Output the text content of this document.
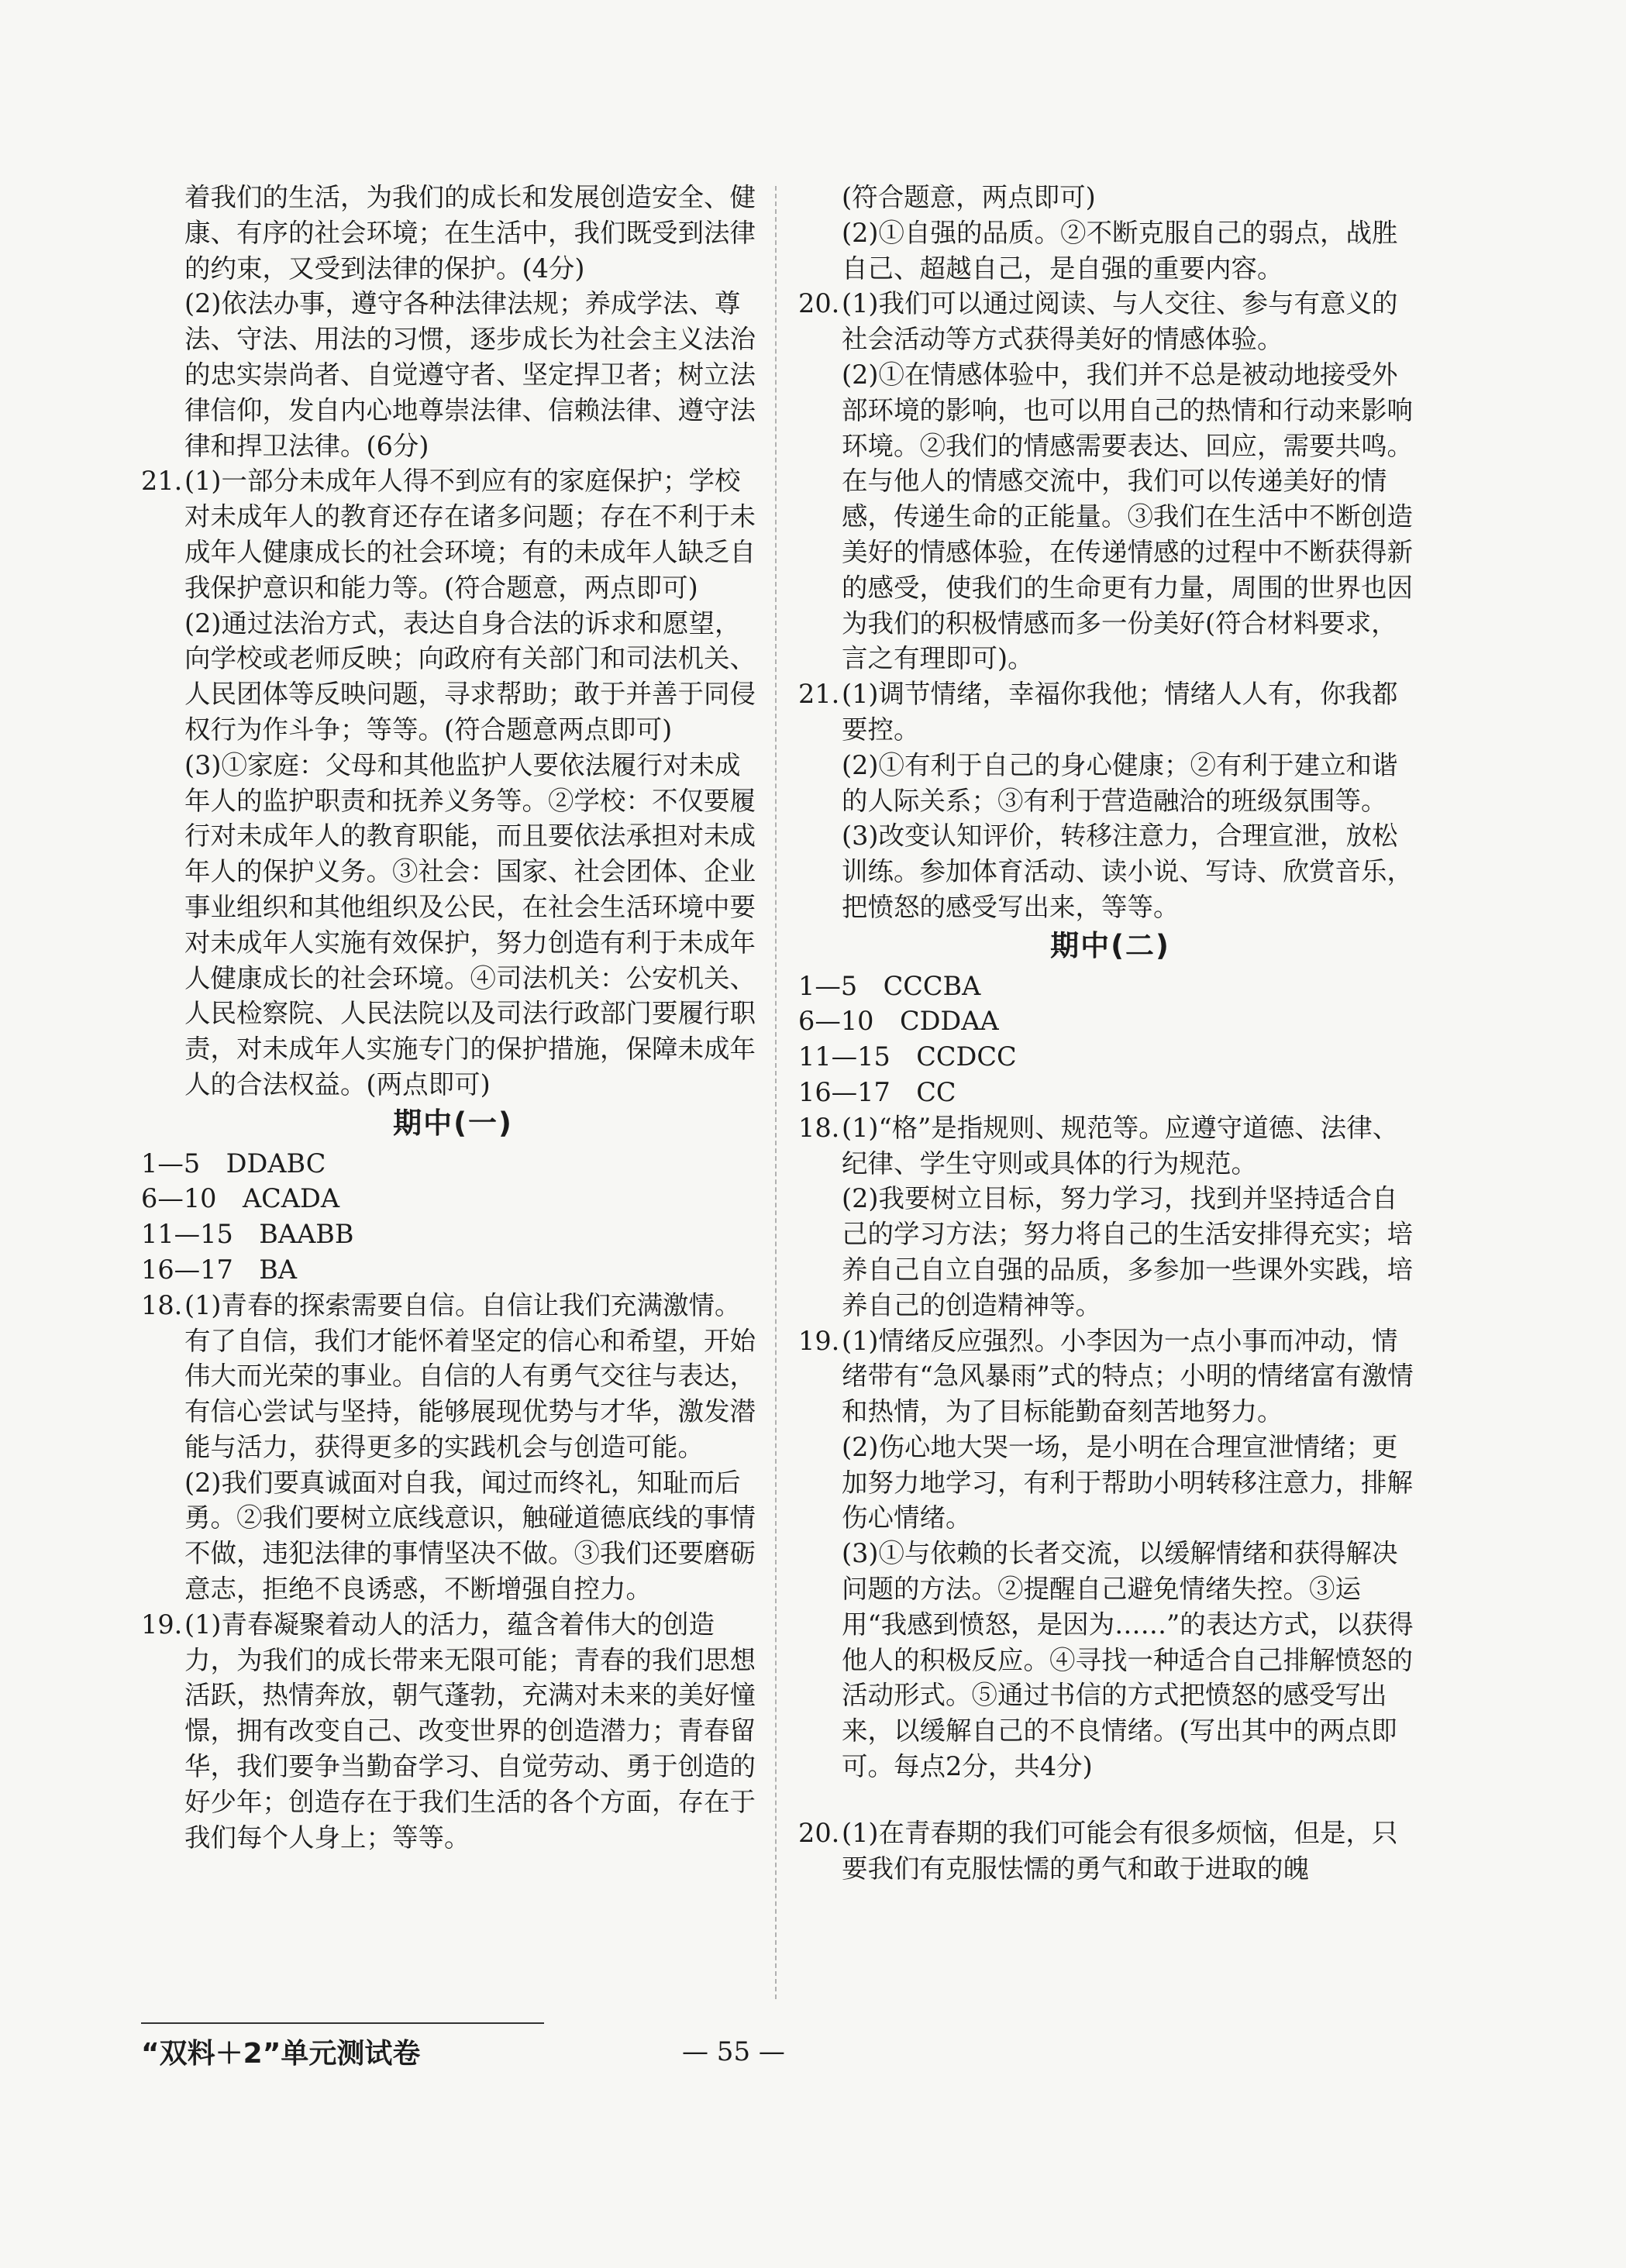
着我们的生活，为我们的成长和发展创造安全、健康、有序的社会环境；在生活中，我们既受到法律的约束，又受到法律的保护。(4分)

(2)依法办事，遵守各种法律法规；养成学法、尊法、守法、用法的习惯，逐步成长为社会主义法治的忠实崇尚者、自觉遵守者、坚定捍卫者；树立法律信仰，发自内心地尊崇法律、信赖法律、遵守法律和捍卫法律。(6分)

21. (1)一部分未成年人得不到应有的家庭保护；学校对未成年人的教育还存在诸多问题；存在不利于未成年人健康成长的社会环境；有的未成年人缺乏自我保护意识和能力等。(符合题意，两点即可)

(2)通过法治方式，表达自身合法的诉求和愿望，向学校或老师反映；向政府有关部门和司法机关、人民团体等反映问题，寻求帮助；敢于并善于同侵权行为作斗争；等等。(符合题意两点即可)

(3)①家庭：父母和其他监护人要依法履行对未成年人的监护职责和抚养义务等。②学校：不仅要履行对未成年人的教育职能，而且要依法承担对未成年人的保护义务。③社会：国家、社会团体、企业事业组织和其他组织及公民，在社会生活环境中要对未成年人实施有效保护，努力创造有利于未成年人健康成长的社会环境。④司法机关：公安机关、人民检察院、人民法院以及司法行政部门要履行职责，对未成年人实施专门的保护措施，保障未成年人的合法权益。(两点即可)

期中(一)

1—5　DDABC

6—10　ACADA

11—15　BAABB

16—17　BA

18. (1)青春的探索需要自信。自信让我们充满激情。有了自信，我们才能怀着坚定的信心和希望，开始伟大而光荣的事业。自信的人有勇气交往与表达，有信心尝试与坚持，能够展现优势与才华，激发潜能与活力，获得更多的实践机会与创造可能。

(2)我们要真诚面对自我，闻过而终礼，知耻而后勇。②我们要树立底线意识，触碰道德底线的事情不做，违犯法律的事情坚决不做。③我们还要磨砺意志，拒绝不良诱惑，不断增强自控力。

19. (1)青春凝聚着动人的活力，蕴含着伟大的创造力，为我们的成长带来无限可能；青春的我们思想活跃，热情奔放，朝气蓬勃，充满对未来的美好憧憬，拥有改变自己、改变世界的创造潜力；青春留华，我们要争当勤奋学习、自觉劳动、勇于创造的好少年；创造存在于我们生活的各个方面，存在于我们每个人身上；等等。

(符合题意，两点即可)

(2)①自强的品质。②不断克服自己的弱点，战胜自己、超越自己，是自强的重要内容。

20. (1)我们可以通过阅读、与人交往、参与有意义的社会活动等方式获得美好的情感体验。

(2)①在情感体验中，我们并不总是被动地接受外部环境的影响，也可以用自己的热情和行动来影响环境。②我们的情感需要表达、回应，需要共鸣。在与他人的情感交流中，我们可以传递美好的情感，传递生命的正能量。③我们在生活中不断创造美好的情感体验，在传递情感的过程中不断获得新的感受，使我们的生命更有力量，周围的世界也因为我们的积极情感而多一份美好(符合材料要求，言之有理即可)。

21. (1)调节情绪，幸福你我他；情绪人人有，你我都要控。

(2)①有利于自己的身心健康；②有利于建立和谐的人际关系；③有利于营造融洽的班级氛围等。

(3)改变认知评价，转移注意力，合理宣泄，放松训练。参加体育活动、读小说、写诗、欣赏音乐，把愤怒的感受写出来，等等。

期中(二)

1—5　CCCBA

6—10　CDDAA

11—15　CCDCC

16—17　CC

18. (1)“格”是指规则、规范等。应遵守道德、法律、纪律、学生守则或具体的行为规范。

(2)我要树立目标，努力学习，找到并坚持适合自己的学习方法；努力将自己的生活安排得充实；培养自己自立自强的品质，多参加一些课外实践，培养自己的创造精神等。

19. (1)情绪反应强烈。小李因为一点小事而冲动，情绪带有“急风暴雨”式的特点；小明的情绪富有激情和热情，为了目标能勤奋刻苦地努力。

(2)伤心地大哭一场，是小明在合理宣泄情绪；更加努力地学习，有利于帮助小明转移注意力，排解伤心情绪。

(3)①与依赖的长者交流，以缓解情绪和获得解决问题的方法。②提醒自己避免情绪失控。③运用“我感到愤怒，是因为……”的表达方式，以获得他人的积极反应。④寻找一种适合自己排解愤怒的活动形式。⑤通过书信的方式把愤怒的感受写出来，以缓解自己的不良情绪。(写出其中的两点即可。每点2分，共4分)

20. (1)在青春期的我们可能会有很多烦恼，但是，只要我们有克服怯懦的勇气和敢于进取的魄

“双料＋2”单元测试卷	— 55 —
